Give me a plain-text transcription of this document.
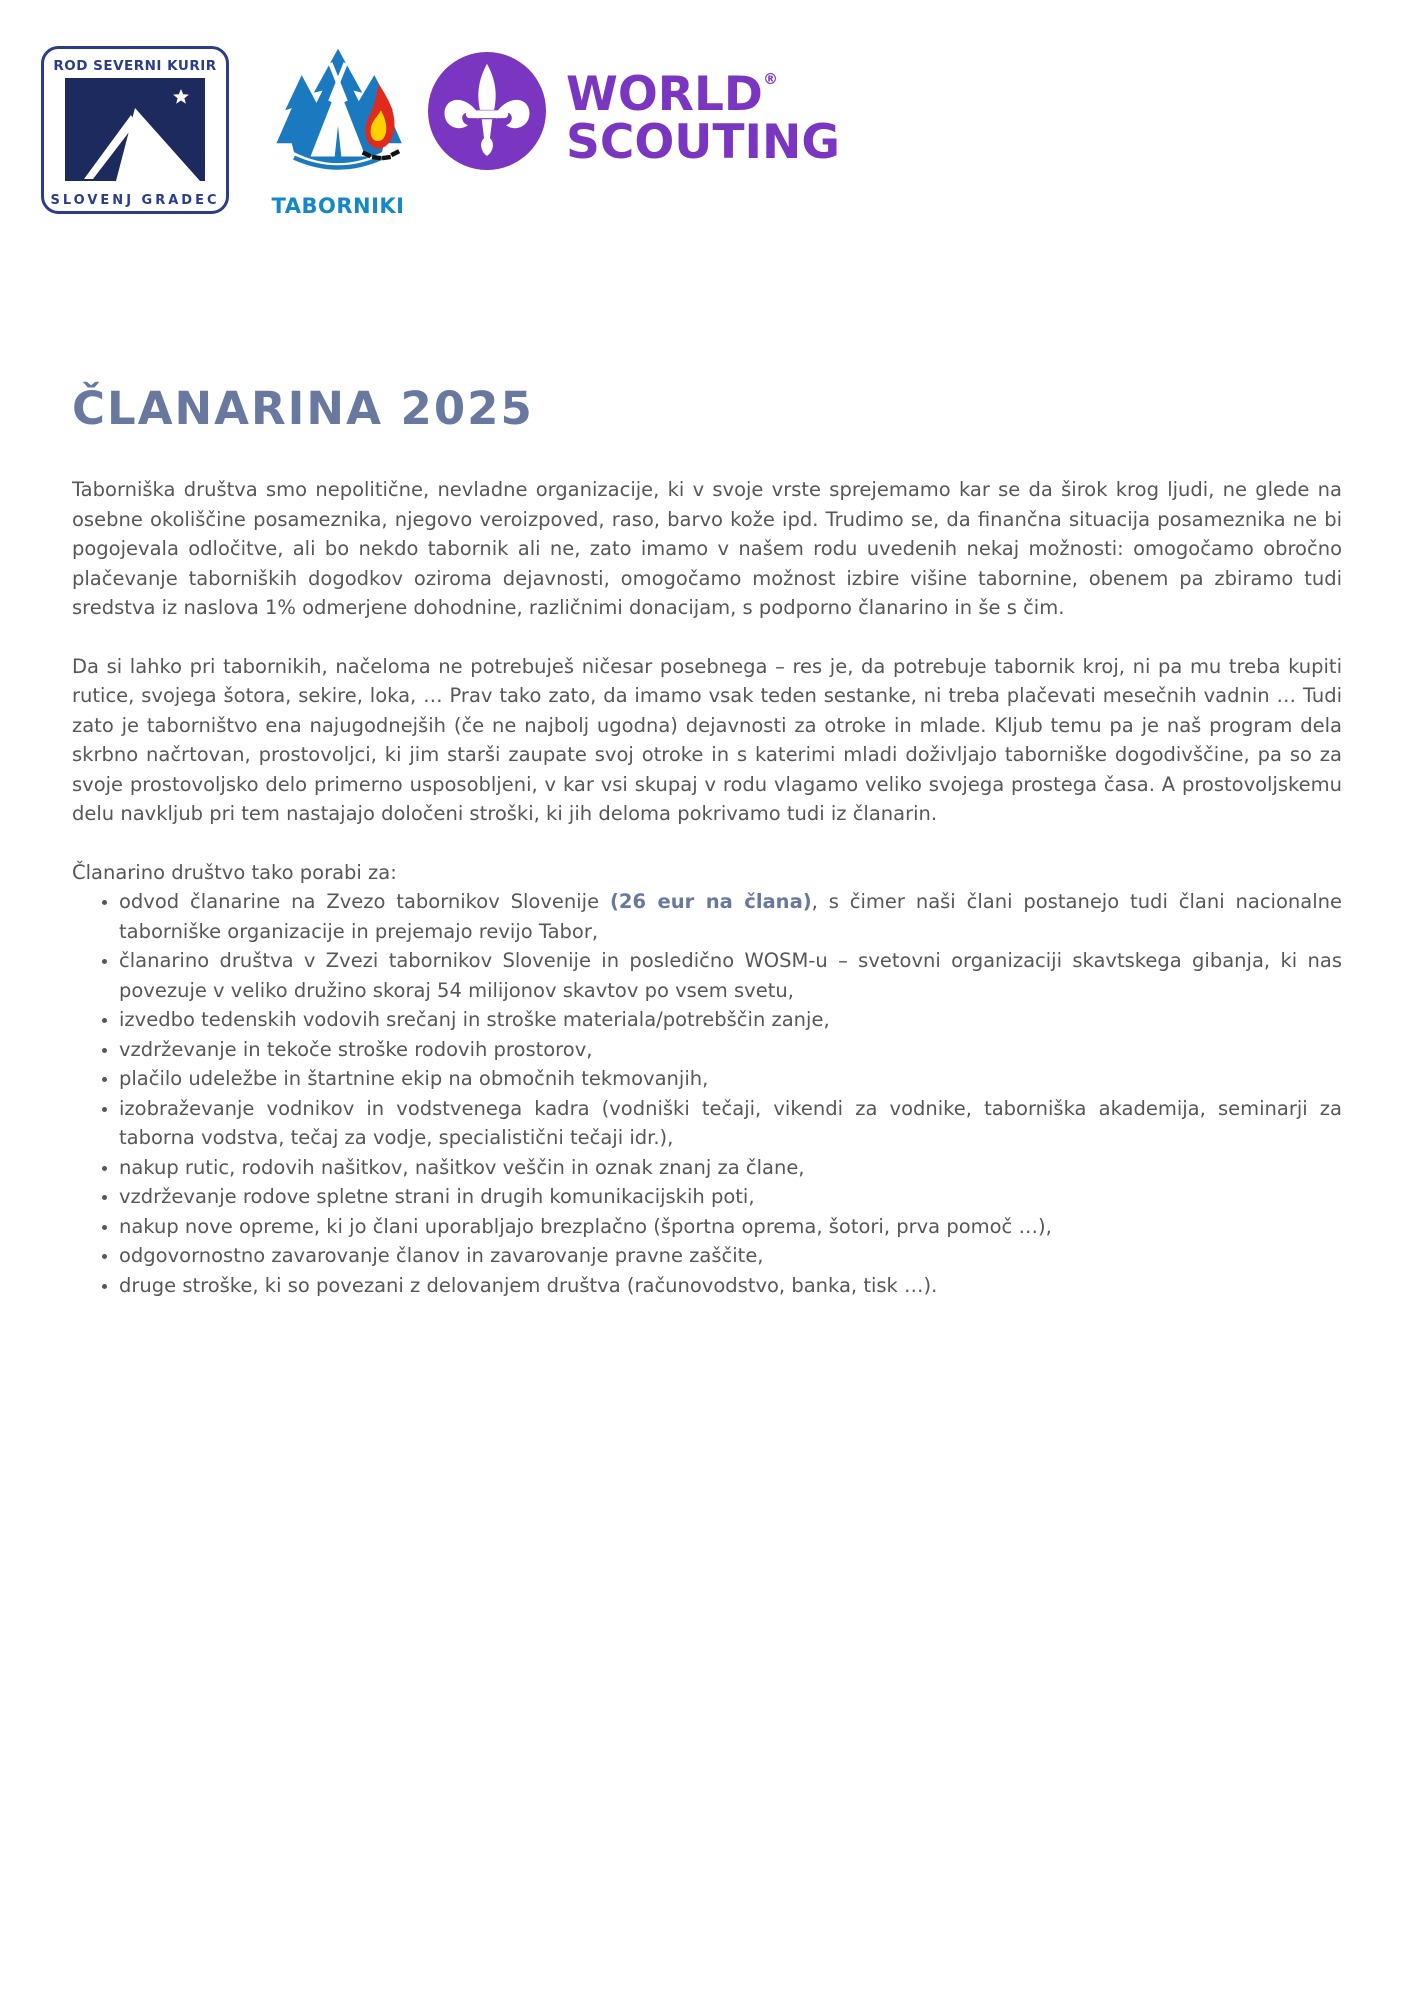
ROD SEVERNI KURIR
SLOVENJ GRADEC	TABORNIKI
WORLD®
SCOUTING
ČLANARINA 2025

Taborniška društva smo nepolitične, nevladne organizacije, ki v svoje vrste sprejemamo kar se da širok krog ljudi, ne glede na osebne okoliščine posameznika, njegovo veroizpoved, raso, barvo kože ipd. Trudimo se, da finančna situacija posameznika ne bi pogojevala odločitve, ali bo nekdo tabornik ali ne, zato imamo v našem rodu uvedenih nekaj možnosti: omogočamo obročno plačevanje taborniških dogodkov oziroma dejavnosti, omogočamo možnost izbire višine tabornine, obenem pa zbiramo tudi sredstva iz naslova 1% odmerjene dohodnine, različnimi donacijam, s podporno članarino in še s čim.

Da si lahko pri tabornikih, načeloma ne potrebuješ ničesar posebnega – res je, da potrebuje tabornik kroj, ni pa mu treba kupiti rutice, svojega šotora, sekire, loka, … Prav tako zato, da imamo vsak teden sestanke, ni treba plačevati mesečnih vadnin … Tudi zato je taborništvo ena najugodnejših (če ne najbolj ugodna) dejavnosti za otroke in mlade. Kljub temu pa je naš program dela skrbno načrtovan, prostovoljci, ki jim starši zaupate svoj otroke in s katerimi mladi doživljajo taborniške dogodivščine, pa so za svoje prostovoljsko delo primerno usposobljeni, v kar vsi skupaj v rodu vlagamo veliko svojega prostega časa. A prostovoljskemu delu navkljub pri tem nastajajo določeni stroški, ki jih deloma pokrivamo tudi iz članarin.

Članarino društvo tako porabi za:
• odvod članarine na Zvezo tabornikov Slovenije (26 eur na člana), s čimer naši člani postanejo tudi člani nacionalne taborniške organizacije in prejemajo revijo Tabor,
• članarino društva v Zvezi tabornikov Slovenije in posledično WOSM-u – svetovni organizaciji skavtskega gibanja, ki nas povezuje v veliko družino skoraj 54 milijonov skavtov po vsem svetu,
• izvedbo tedenskih vodovih srečanj in stroške materiala/potrebščin zanje,
• vzdrževanje in tekoče stroške rodovih prostorov,
• plačilo udeležbe in štartnine ekip na območnih tekmovanjih,
• izobraževanje vodnikov in vodstvenega kadra (vodniški tečaji, vikendi za vodnike, taborniška akademija, seminarji za taborna vodstva, tečaj za vodje, specialistični tečaji idr.),
• nakup rutic, rodovih našitkov, našitkov veščin in oznak znanj za člane,
• vzdrževanje rodove spletne strani in drugih komunikacijskih poti,
• nakup nove opreme, ki jo člani uporabljajo brezplačno (športna oprema, šotori, prva pomoč …),
• odgovornostno zavarovanje članov in zavarovanje pravne zaščite,
• druge stroške, ki so povezani z delovanjem društva (računovodstvo, banka, tisk …).
